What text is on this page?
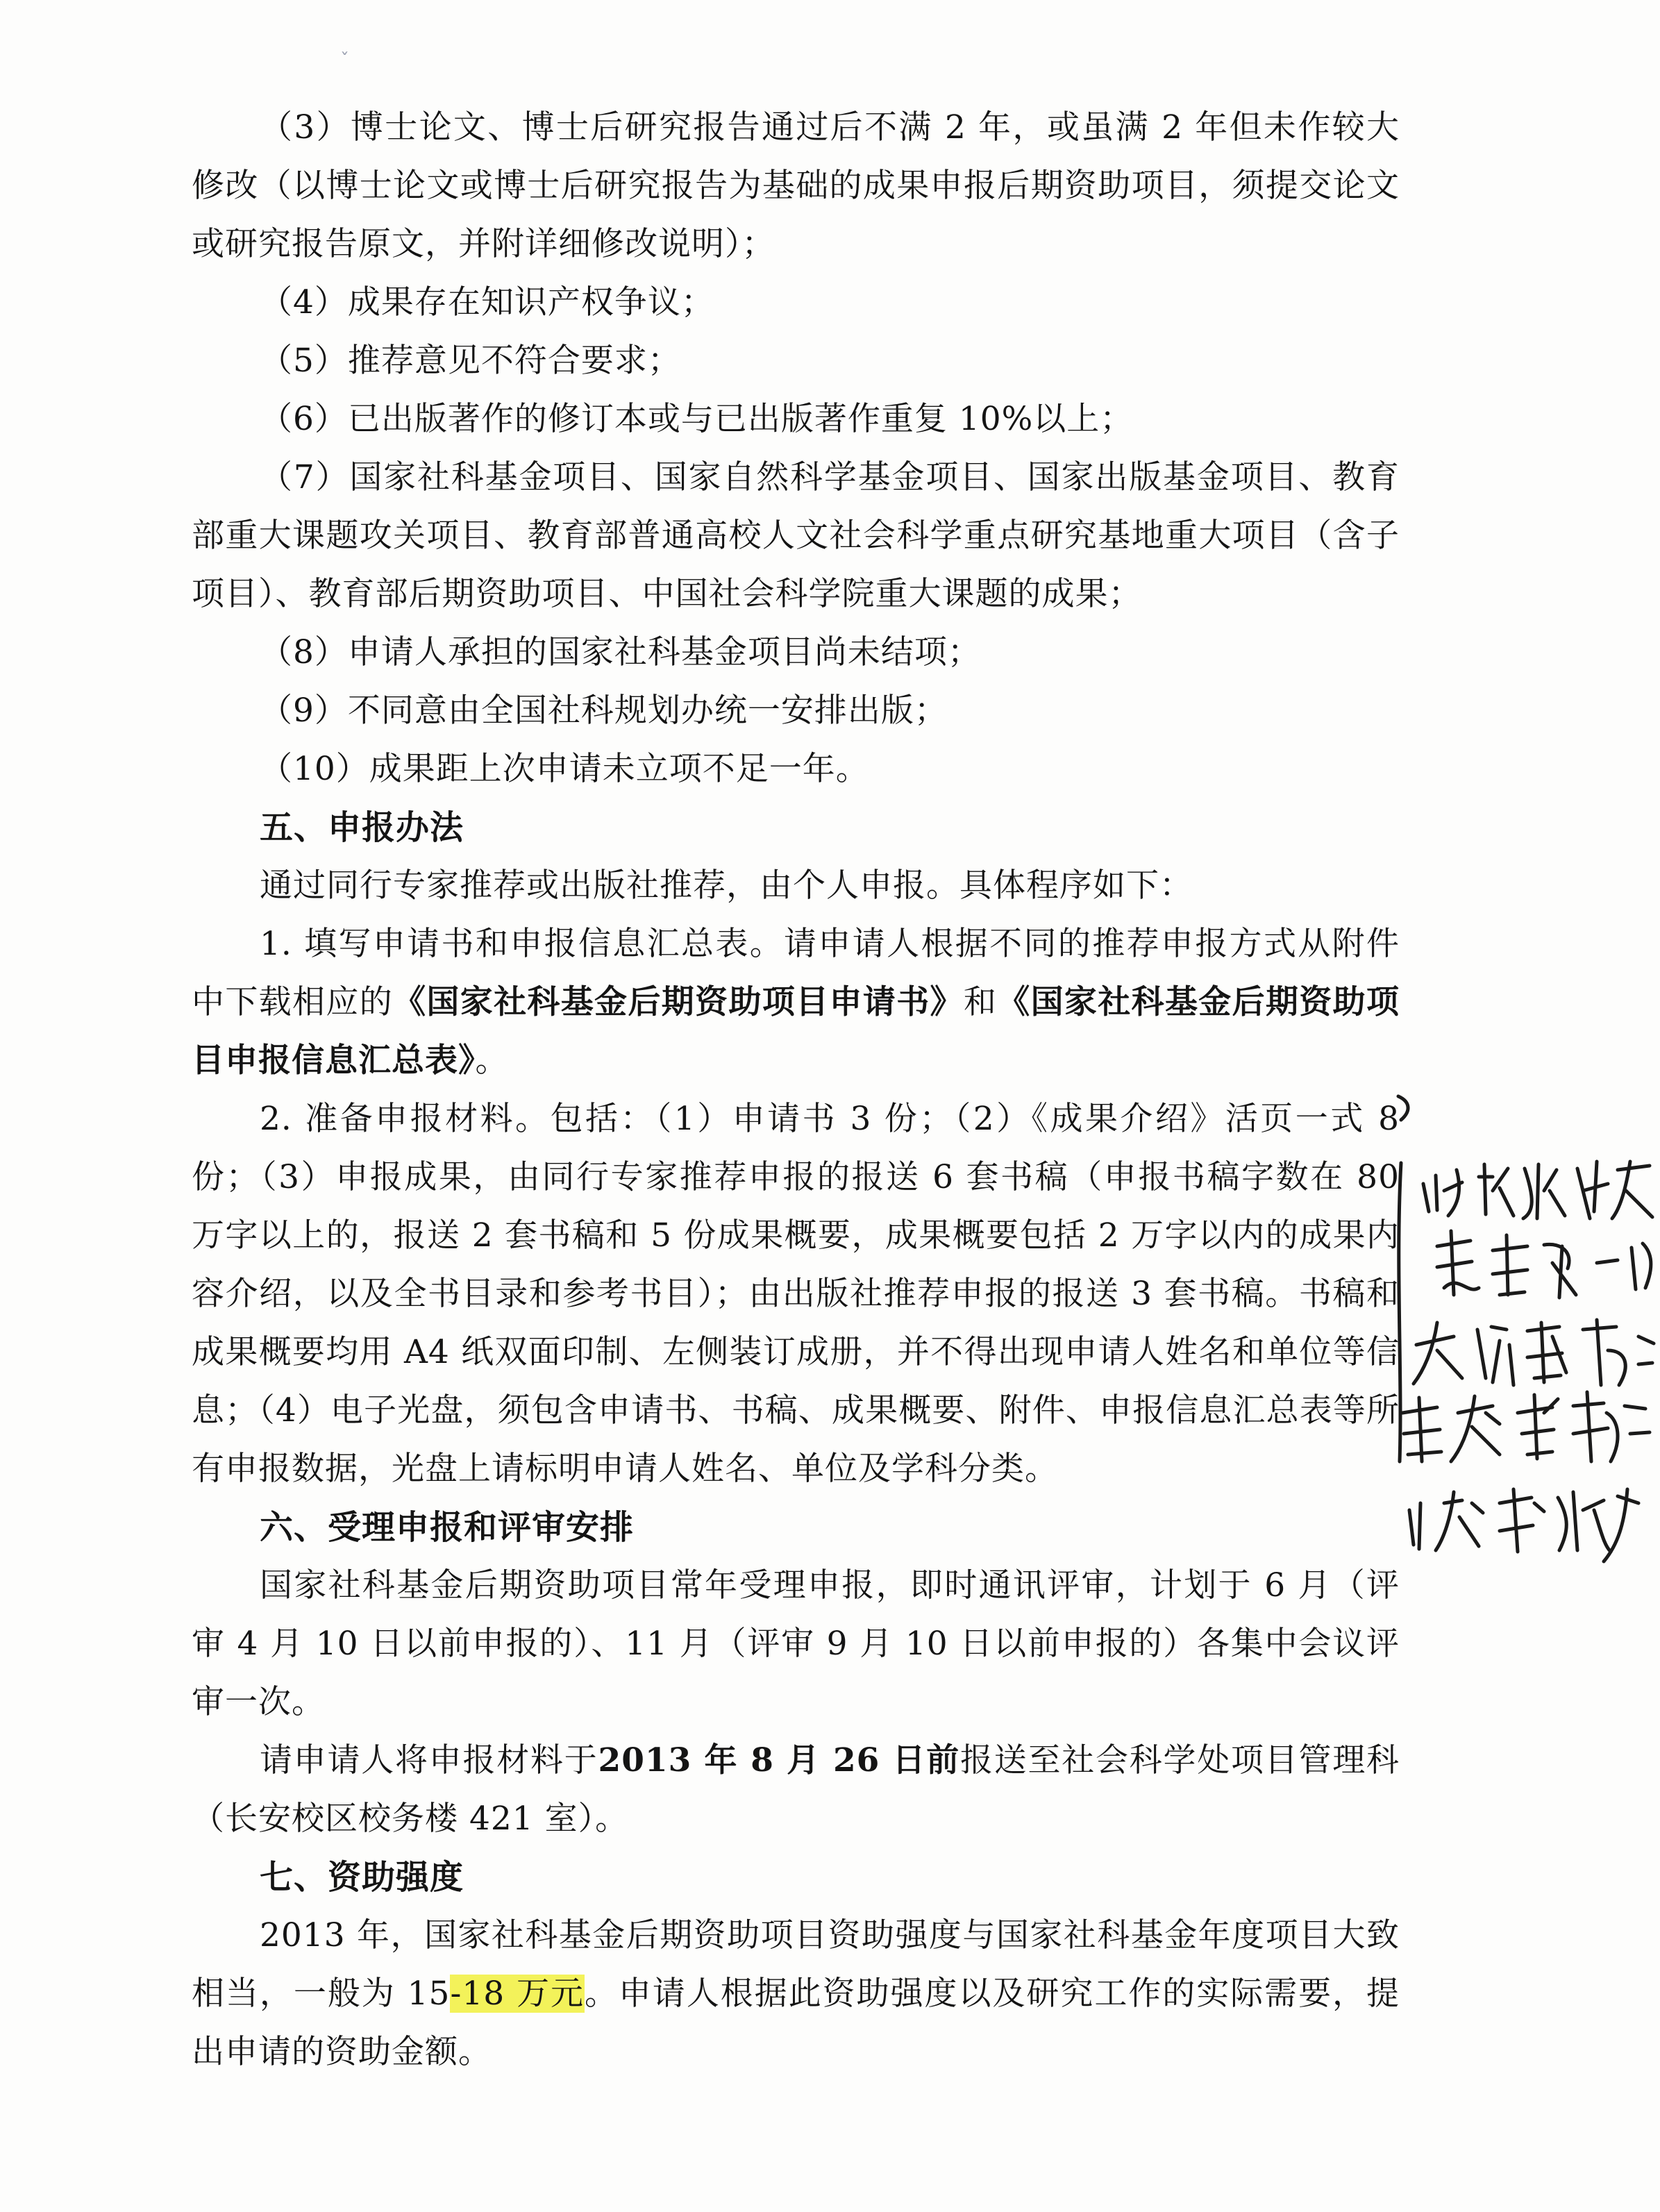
ˇ

（3）博士论文、博士后研究报告通过后不满 2 年，或虽满 2 年但未作较大修改（以博士论文或博士后研究报告为基础的成果申报后期资助项目，须提交论文或研究报告原文，并附详细修改说明）；

（4）成果存在知识产权争议；

（5）推荐意见不符合要求；

（6）已出版著作的修订本或与已出版著作重复 10%以上；

（7）国家社科基金项目、国家自然科学基金项目、国家出版基金项目、教育部重大课题攻关项目、教育部普通高校人文社会科学重点研究基地重大项目（含子项目）、教育部后期资助项目、中国社会科学院重大课题的成果；

（8）申请人承担的国家社科基金项目尚未结项；

（9）不同意由全国社科规划办统一安排出版；

（10）成果距上次申请未立项不足一年。

五、申报办法

通过同行专家推荐或出版社推荐，由个人申报。具体程序如下：

1. 填写申请书和申报信息汇总表。请申请人根据不同的推荐申报方式从附件中下载相应的《国家社科基金后期资助项目申请书》和《国家社科基金后期资助项目申报信息汇总表》。

2. 准备申报材料。包括：（1）申请书 3 份；（2）《成果介绍》活页一式 8 份；（3）申报成果，由同行专家推荐申报的报送 6 套书稿（申报书稿字数在 80 万字以上的，报送 2 套书稿和 5 份成果概要，成果概要包括 2 万字以内的成果内容介绍，以及全书目录和参考书目）；由出版社推荐申报的报送 3 套书稿。书稿和成果概要均用 A4 纸双面印制、左侧装订成册，并不得出现申请人姓名和单位等信息；（4）电子光盘，须包含申请书、书稿、成果概要、附件、申报信息汇总表等所有申报数据，光盘上请标明申请人姓名、单位及学科分类。

六、受理申报和评审安排

国家社科基金后期资助项目常年受理申报，即时通讯评审，计划于 6 月（评审 4 月 10 日以前申报的）、11 月（评审 9 月 10 日以前申报的）各集中会议评审一次。

请申请人将申报材料于2013 年 8 月 26 日前报送至社会科学处项目管理科（长安校区校务楼 421 室）。

七、资助强度

2013 年，国家社科基金后期资助项目资助强度与国家社科基金年度项目大致相当，一般为 15-18 万元。申请人根据此资助强度以及研究工作的实际需要，提出申请的资助金额。
